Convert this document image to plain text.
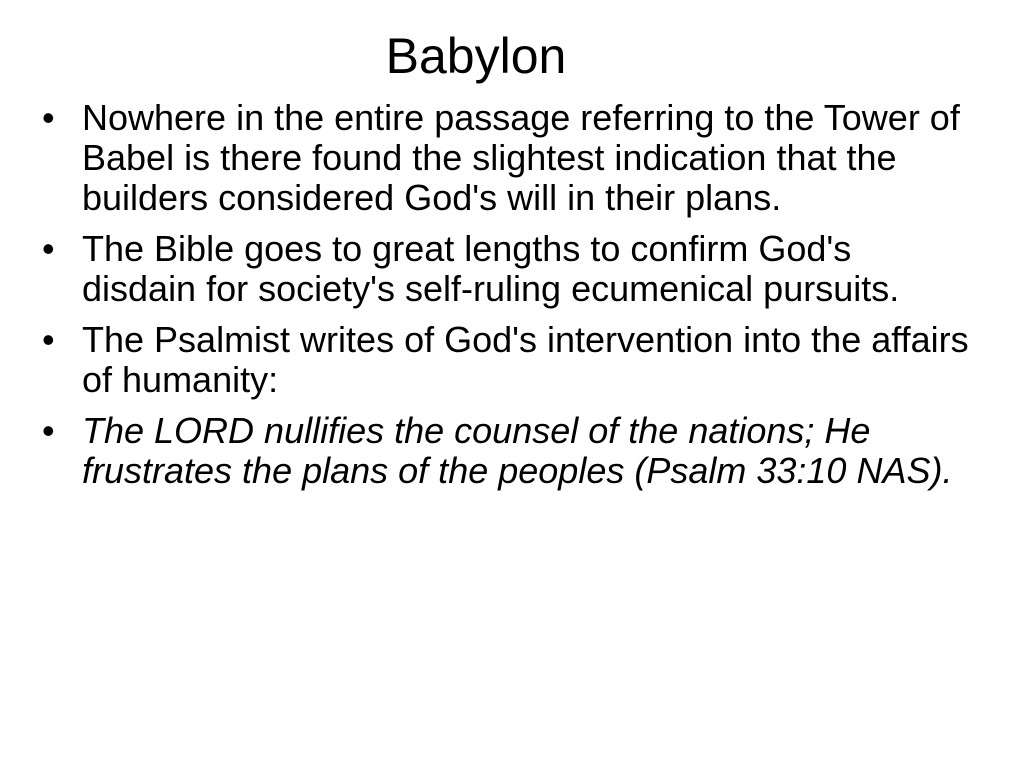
Babylon
• Nowhere in the entire passage referring to the Tower of Babel is there found the slightest indication that the builders considered God's will in their plans.
• The Bible goes to great lengths to confirm God's disdain for society's self-ruling ecumenical pursuits.
• The Psalmist writes of God's intervention into the affairs of humanity:
• The LORD nullifies the counsel of the nations; He frustrates the plans of the peoples (Psalm 33:10 NAS).
